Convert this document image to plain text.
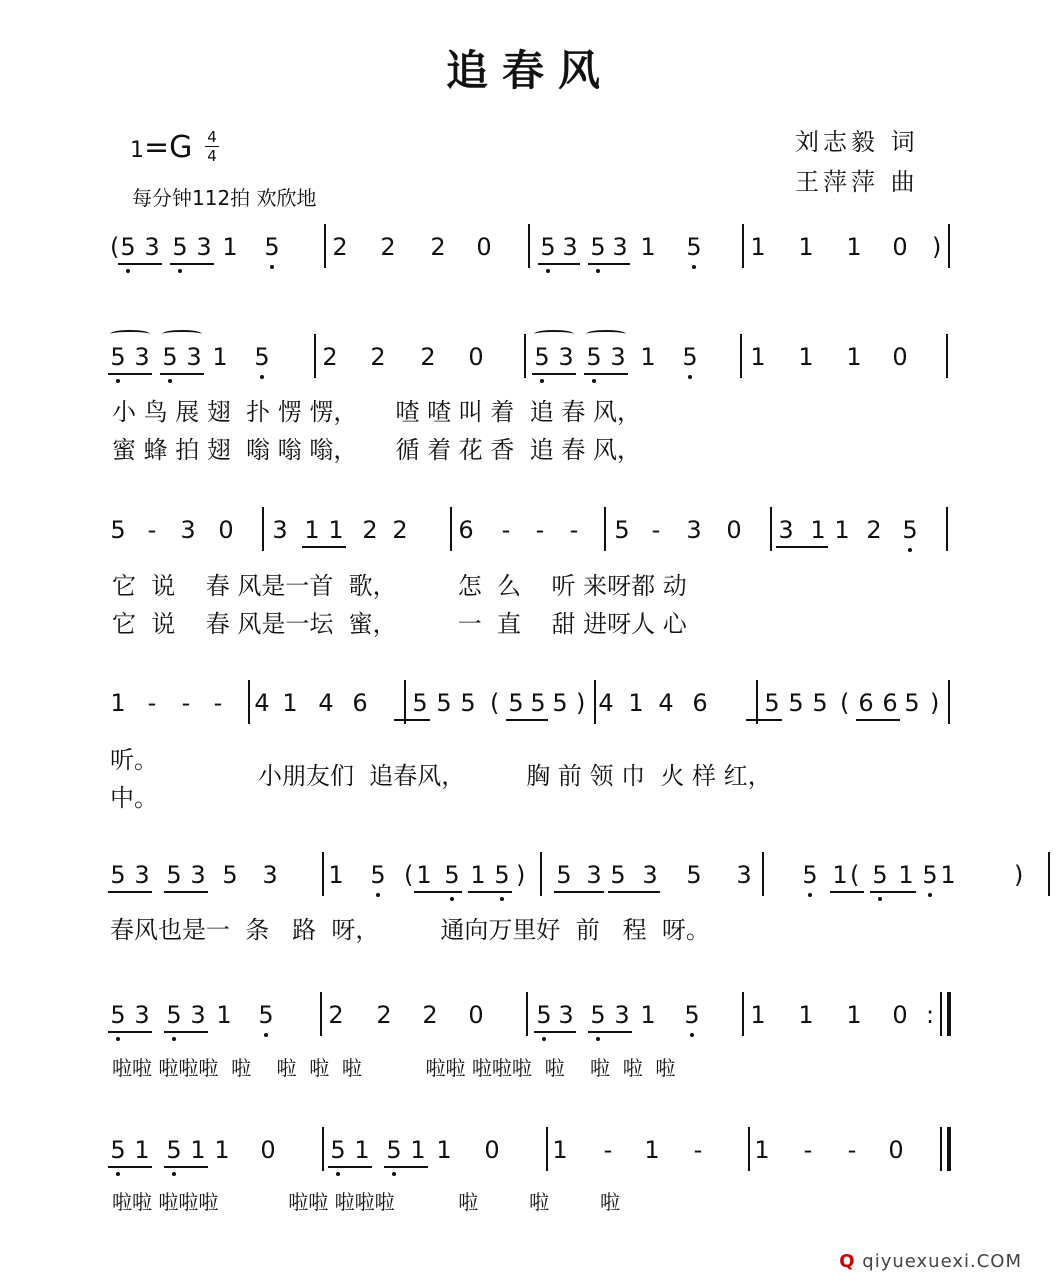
追春风
$1=G \frac{4}{4}$
每分钟112拍 欢欣地
刘志毅 词
王萍萍 曲
( 5 3 5 3 1 5 2 2 2 0 5 3 5 3 1 5 1 1 1 0 )
5 3 5 3 1 5 2 2 2 0 5 3 5 3 1 5 1 1 1 0
5 - 3 0 3 1 1 2 2 6 - - - 5 - 3 0 3 1 1 2 5
1 - - - 4 1 4 6 5 5 5 ( 5 5 5 ) 4 1 4 6 5 5 5 ( 6 6 5 )
5 3 5 3 5 3 1 5 ( 1 5 1 5 ) 5 3 5 3 5 3 5 1 ( 5 1 5 1 )
5 3 5 3 1 5 2 2 2 0 5 3 5 3 1 5 1 1 1 0 :
5 1 5 1 1 0 5 1 5 1 1 0 1 - 1 - 1 - - 0
小 鸟 展 翅  扑 愣 愣，     喳 喳 叫 着  追 春 风，
蜜 蜂 拍 翅  嗡 嗡 嗡，     循 着 花 香  追 春 风，
它  说    春 风是一首  歌，        怎  么    听 来呀都 动
它  说    春 风是一坛  蜜，        一  直    甜 进呀人 心
听。
中。
小朋友们  追春风，        胸 前 领 巾  火 样 红，
春风也是一  条   路  呀，        通向万里好  前   程  呀。
啦啦 啦啦啦  啦    啦  啦  啦          啦啦 啦啦啦  啦    啦  啦  啦
啦啦 啦啦啦           啦啦 啦啦啦          啦        啦        啦
Q qiyuexuexi.COM
